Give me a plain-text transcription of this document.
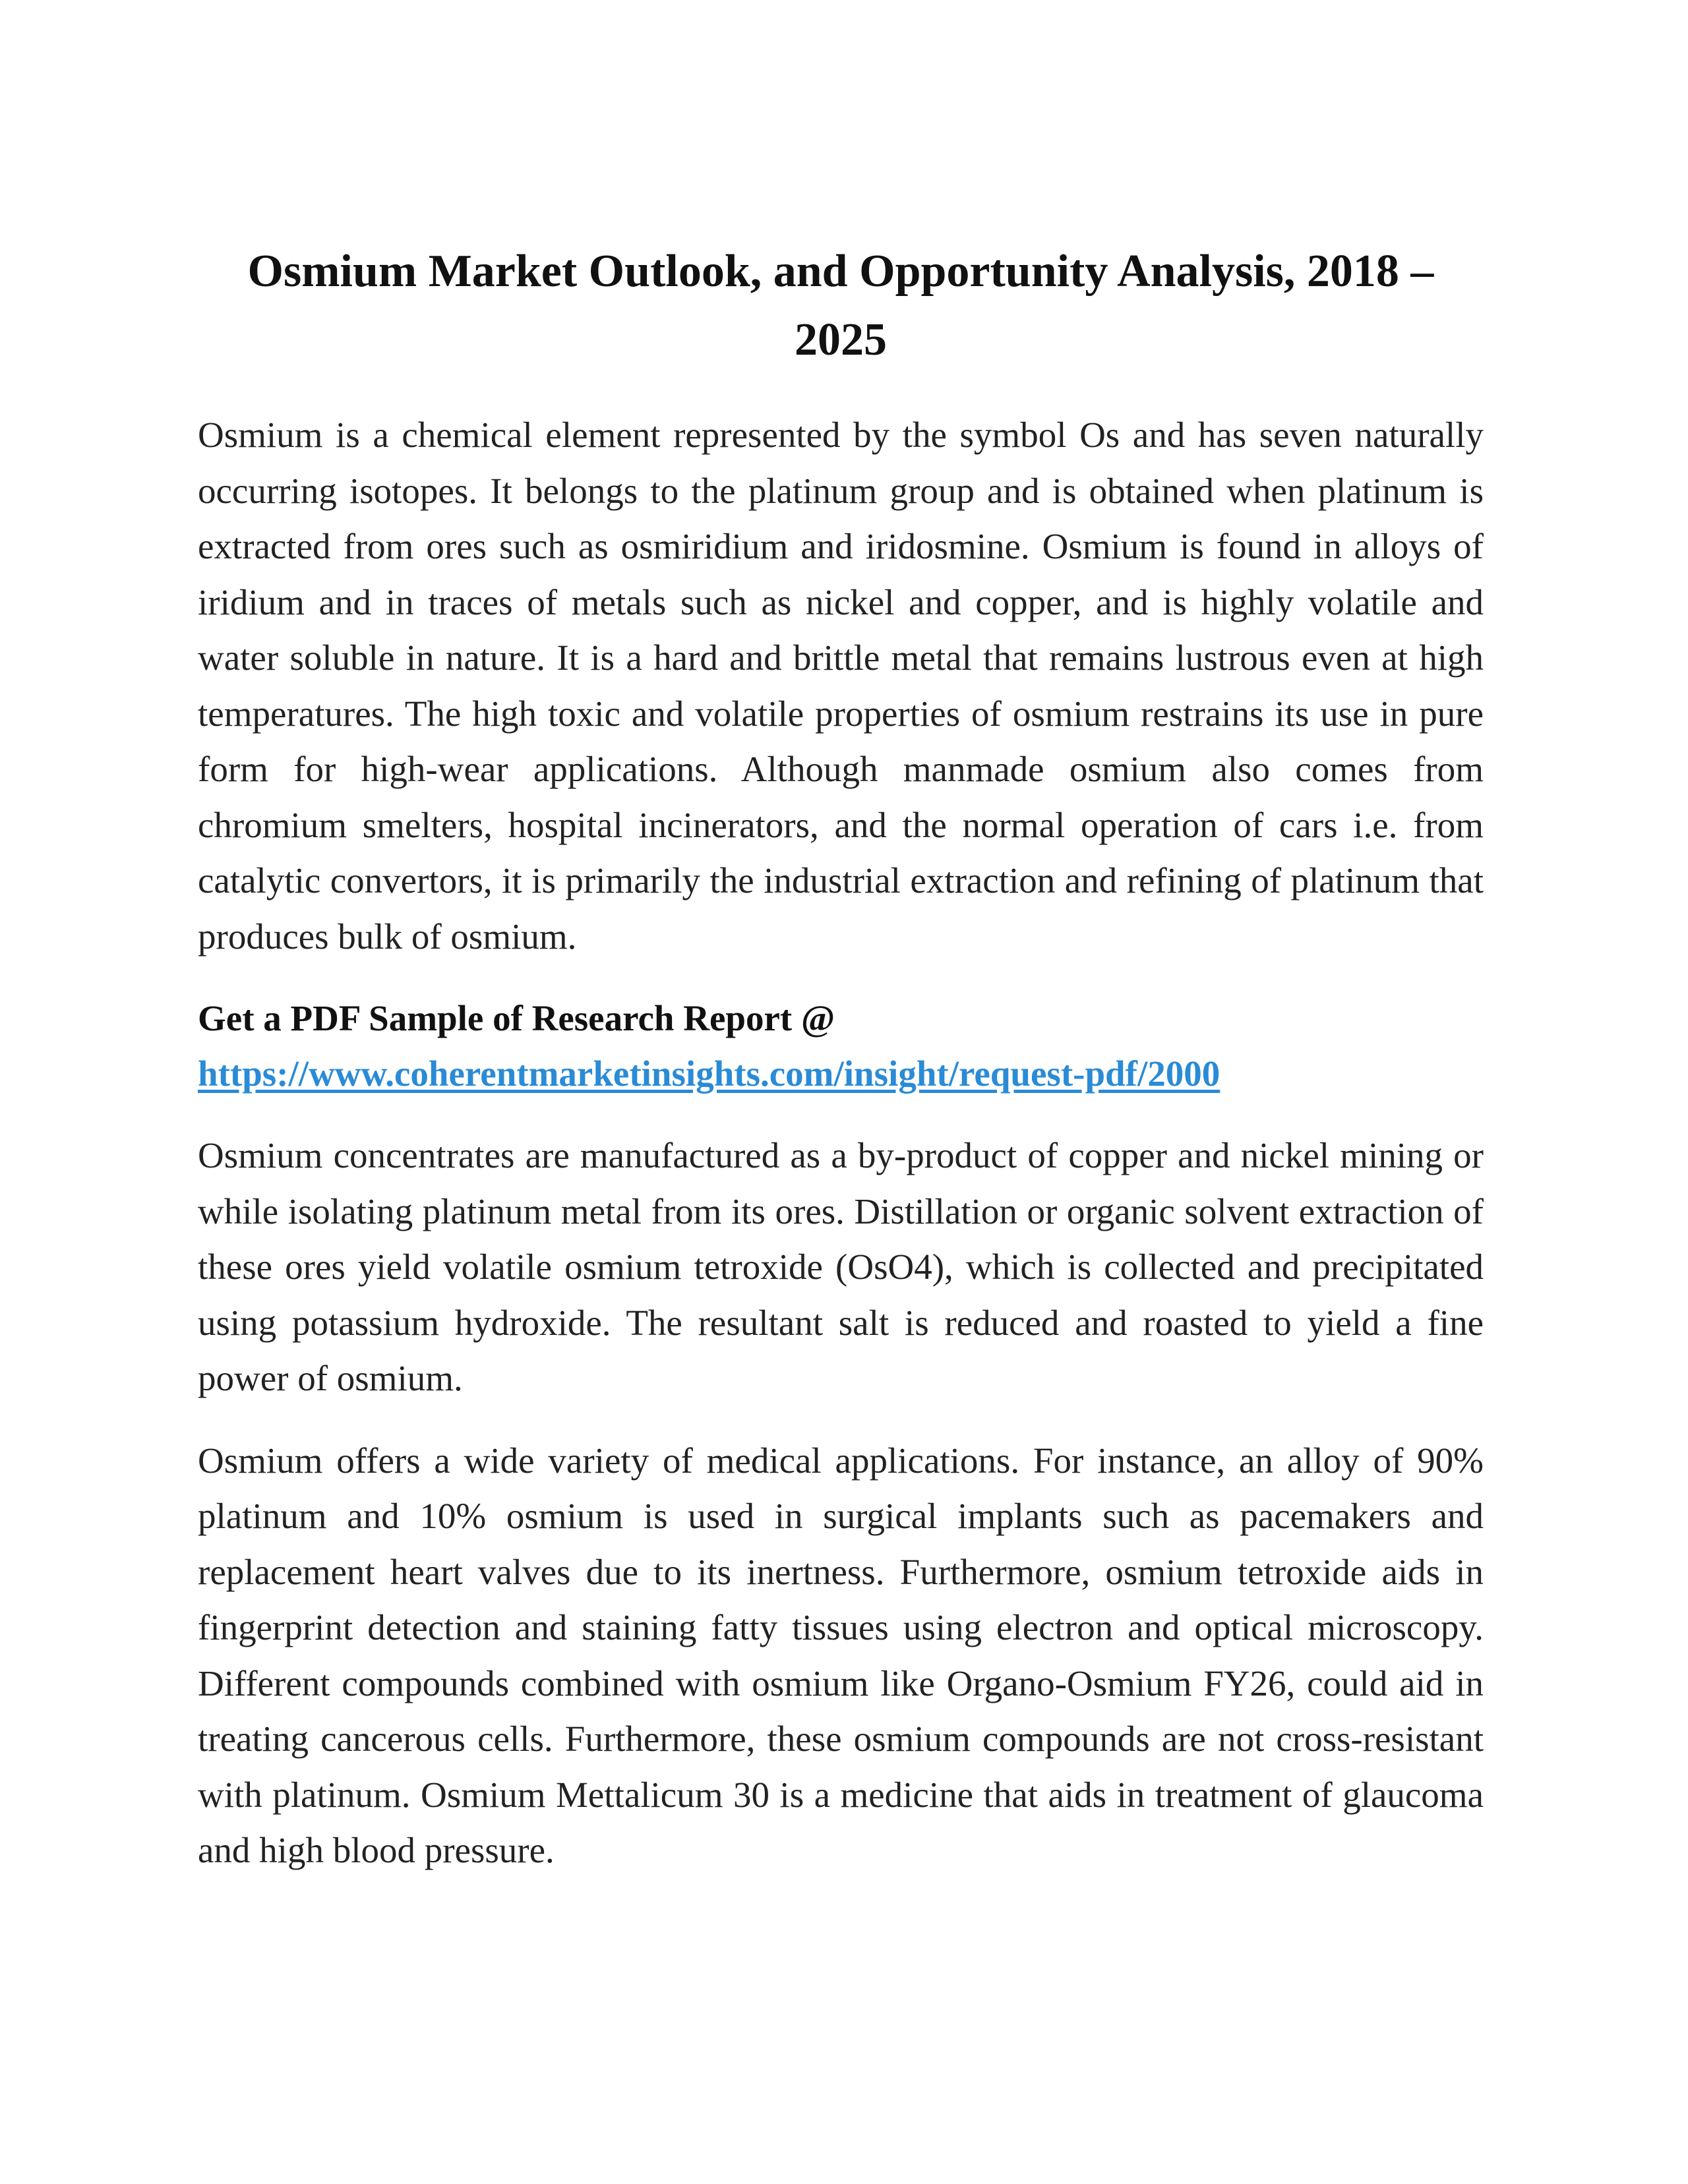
Osmium Market Outlook, and Opportunity Analysis, 2018 – 2025

Osmium is a chemical element represented by the symbol Os and has seven naturally occurring isotopes. It belongs to the platinum group and is obtained when platinum is extracted from ores such as osmiridium and iridosmine. Osmium is found in alloys of iridium and in traces of metals such as nickel and copper, and is highly volatile and water soluble in nature. It is a hard and brittle metal that remains lustrous even at high temperatures. The high toxic and volatile properties of osmium restrains its use in pure form for high-wear applications. Although manmade osmium also comes from chromium smelters, hospital incinerators, and the normal operation of cars i.e. from catalytic convertors, it is primarily the industrial extraction and refining of platinum that produces bulk of osmium.

Get a PDF Sample of Research Report @
https://www.coherentmarketinsights.com/insight/request-pdf/2000

Osmium concentrates are manufactured as a by-product of copper and nickel mining or while isolating platinum metal from its ores. Distillation or organic solvent extraction of these ores yield volatile osmium tetroxide (OsO4), which is collected and precipitated using potassium hydroxide. The resultant salt is reduced and roasted to yield a fine power of osmium.

Osmium offers a wide variety of medical applications. For instance, an alloy of 90% platinum and 10% osmium is used in surgical implants such as pacemakers and replacement heart valves due to its inertness. Furthermore, osmium tetroxide aids in fingerprint detection and staining fatty tissues using electron and optical microscopy. Different compounds combined with osmium like Organo-Osmium FY26, could aid in treating cancerous cells. Furthermore, these osmium compounds are not cross-resistant with platinum. Osmium Mettalicum 30 is a medicine that aids in treatment of glaucoma and high blood pressure.
